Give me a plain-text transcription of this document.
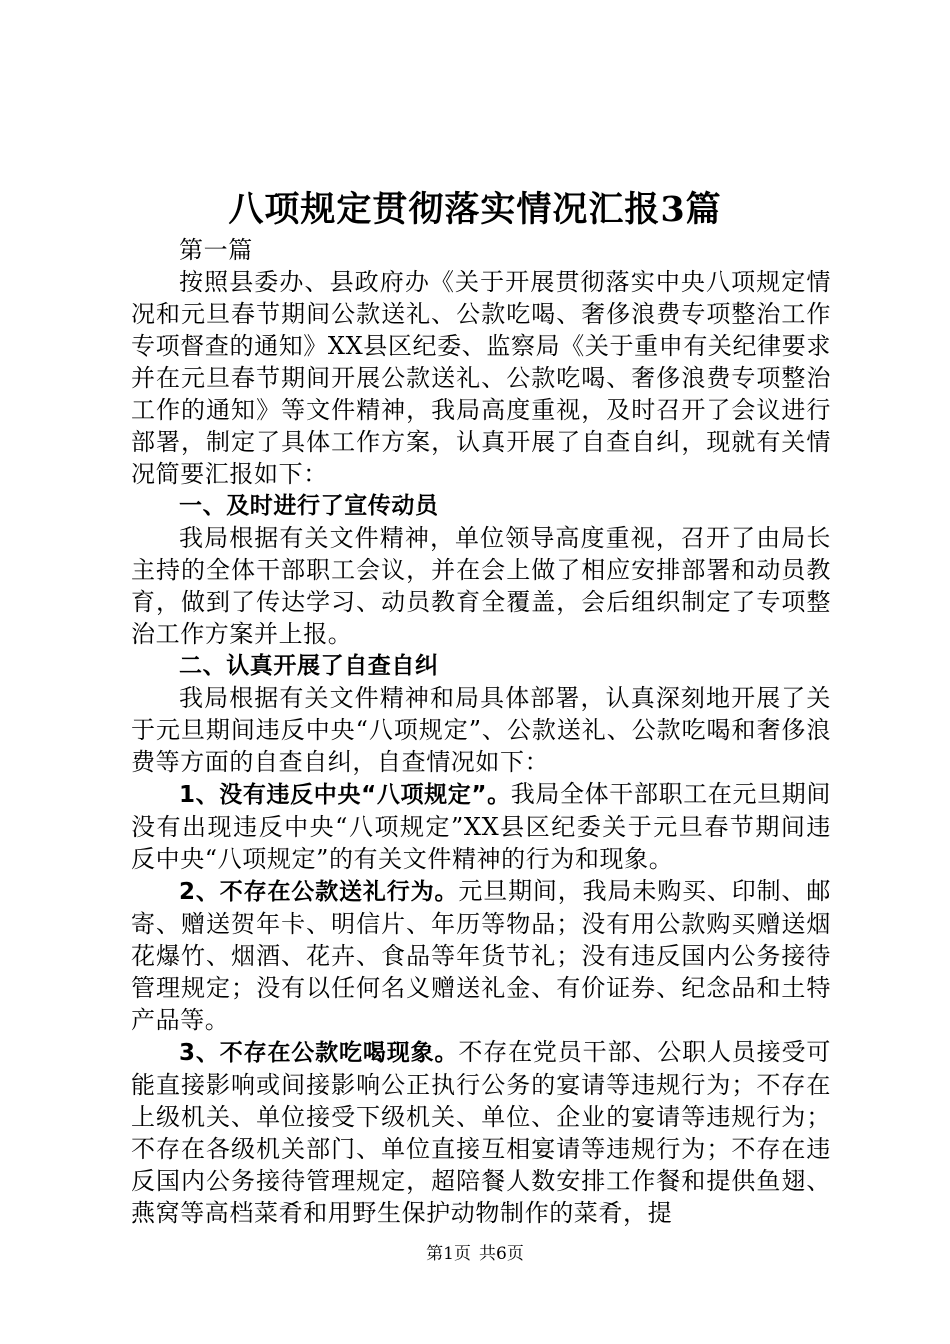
八项规定贯彻落实情况汇报3篇

第一篇

按照县委办、县政府办《关于开展贯彻落实中央八项规定情况和元旦春节期间公款送礼、公款吃喝、奢侈浪费专项整治工作专项督查的通知》XX县区纪委、监察局《关于重申有关纪律要求并在元旦春节期间开展公款送礼、公款吃喝、奢侈浪费专项整治工作的通知》等文件精神，我局高度重视，及时召开了会议进行部署，制定了具体工作方案，认真开展了自查自纠，现就有关情况简要汇报如下：

一、及时进行了宣传动员

我局根据有关文件精神，单位领导高度重视，召开了由局长主持的全体干部职工会议，并在会上做了相应安排部署和动员教育，做到了传达学习、动员教育全覆盖，会后组织制定了专项整治工作方案并上报。

二、认真开展了自查自纠

我局根据有关文件精神和局具体部署，认真深刻地开展了关于元旦期间违反中央“八项规定”、公款送礼、公款吃喝和奢侈浪费等方面的自查自纠，自查情况如下：

1、没有违反中央“八项规定”。我局全体干部职工在元旦期间没有出现违反中央“八项规定”XX县区纪委关于元旦春节期间违反中央“八项规定”的有关文件精神的行为和现象。

2、不存在公款送礼行为。元旦期间，我局未购买、印制、邮寄、赠送贺年卡、明信片、年历等物品；没有用公款购买赠送烟花爆竹、烟酒、花卉、食品等年货节礼；没有违反国内公务接待管理规定；没有以任何名义赠送礼金、有价证券、纪念品和土特产品等。

3、不存在公款吃喝现象。不存在党员干部、公职人员接受可能直接影响或间接影响公正执行公务的宴请等违规行为；不存在上级机关、单位接受下级机关、单位、企业的宴请等违规行为；不存在各级机关部门、单位直接互相宴请等违规行为；不存在违反国内公务接待管理规定，超陪餐人数安排工作餐和提供鱼翅、燕窝等高档菜肴和用野生保护动物制作的菜肴，提

第1页 共6页
